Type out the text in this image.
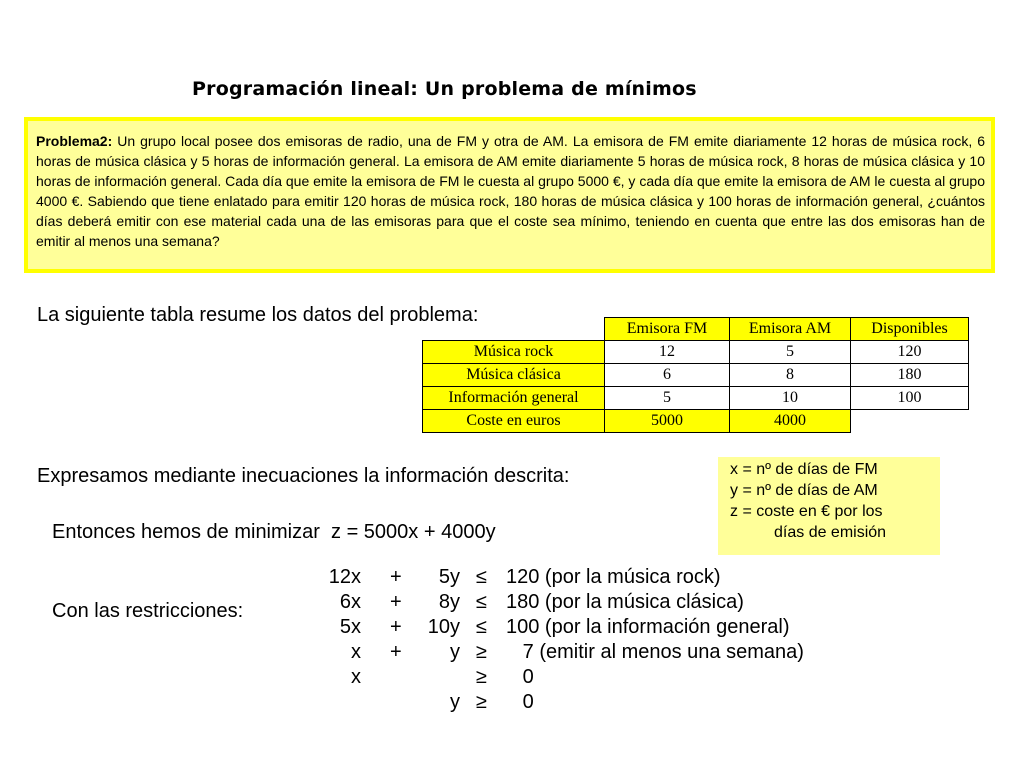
Programación lineal: Un problema de mínimos
Problema2: Un grupo local posee dos emisoras de radio, una de FM y otra de AM. La emisora de FM emite diariamente 12 horas de música rock, 6 horas de música clásica y 5 horas de información general. La emisora de AM emite diariamente 5 horas de música rock, 8 horas de música clásica y 10 horas de información general. Cada día que emite la emisora de FM le cuesta al grupo 5000 €, y cada día que emite la emisora de AM le cuesta al grupo 4000 €. Sabiendo que tiene enlatado para emitir 120 horas de música rock, 180 horas de música clásica y 100 horas de información general, ¿cuántos días deberá emitir con ese material cada una de las emisoras para que el coste sea mínimo, teniendo en cuenta que entre las dos emisoras han de emitir al menos una semana?
La siguiente tabla resume los datos del problema:
	Emisora FM	Emisora AM	Disponibles
Música rock	12	5	120
Música clásica	6	8	180
Información general	5	10	100
Coste en euros	5000	4000	
Expresamos mediante inecuaciones la información descrita:	x = nº de días de FM
y = nº de días de AM
z = coste en € por los
días de emisión
Entonces hemos de minimizar z = 5000x + 4000y
Con las restricciones:
12x + 5y ≤ 120 (por la música rock)
6x + 8y ≤ 180 (por la música clásica)
5x + 10y ≤ 100 (por la información general)
x + y ≥ 7 (emitir al menos una semana)
x	≥ 0
y ≥ 0
